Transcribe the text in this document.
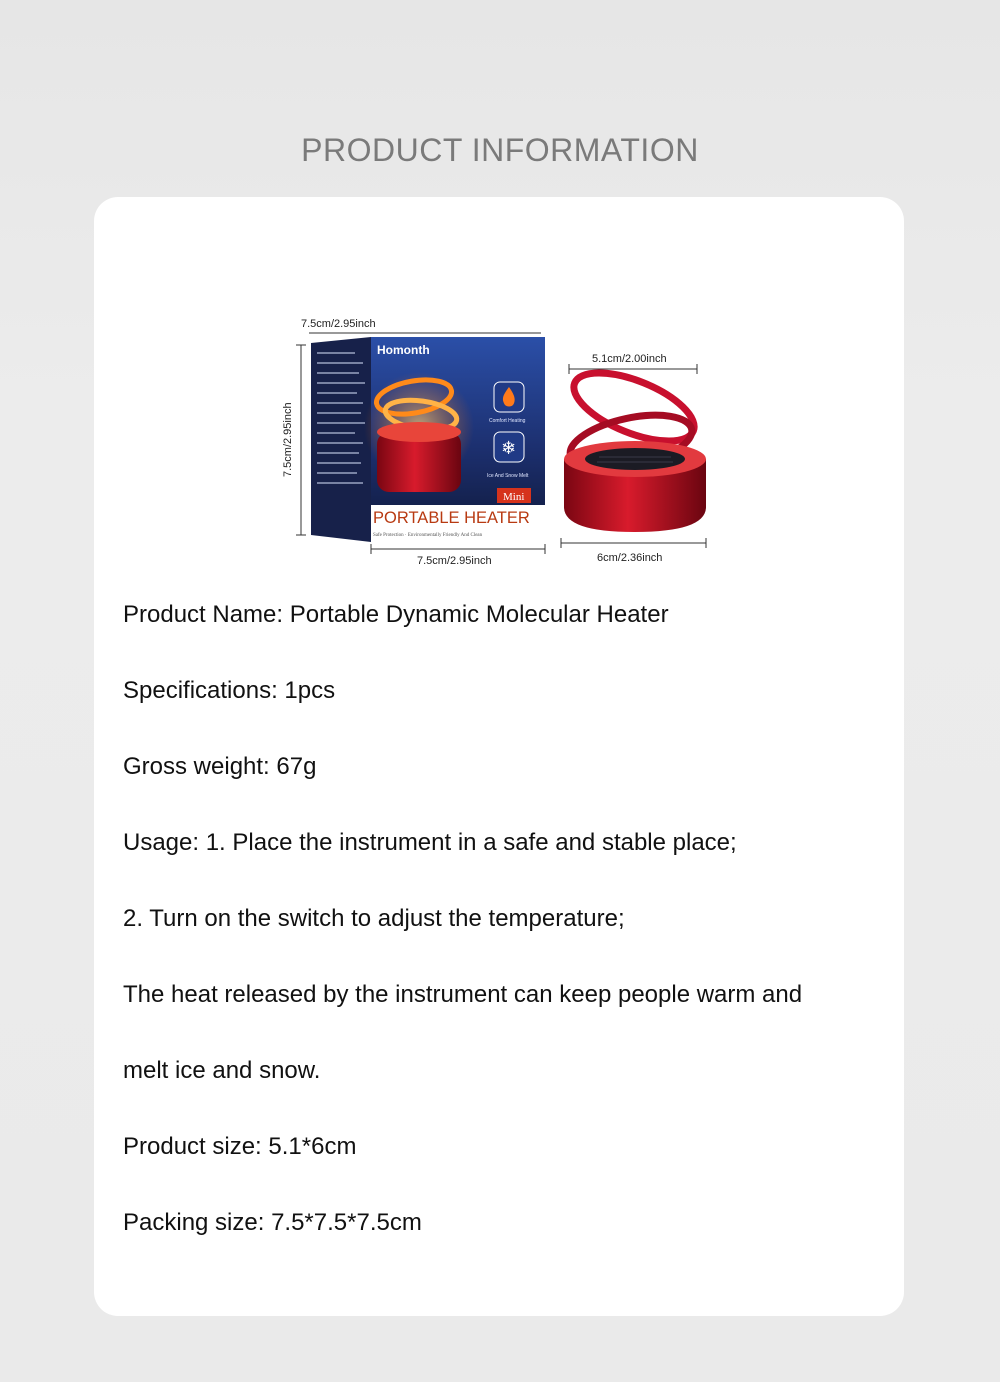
PRODUCT INFORMATION
7.5cm/2.95inch
7.5cm/2.95inch
Homonth
Comfort Heating
❄
Ice And Snow Melt
Mini
PORTABLE HEATER
Safe Protection · Environmentally Friendly And Clean
7.5cm/2.95inch
5.1cm/2.00inch
6cm/2.36inch
Product Name: Portable Dynamic Molecular Heater
Specifications: 1pcs
Gross weight: 67g
Usage: 1. Place the instrument in a safe and stable place;
2. Turn on the switch to adjust the temperature;
The heat released by the instrument can keep people warm and
melt ice and snow.
Product size: 5.1*6cm
Packing size: 7.5*7.5*7.5cm
